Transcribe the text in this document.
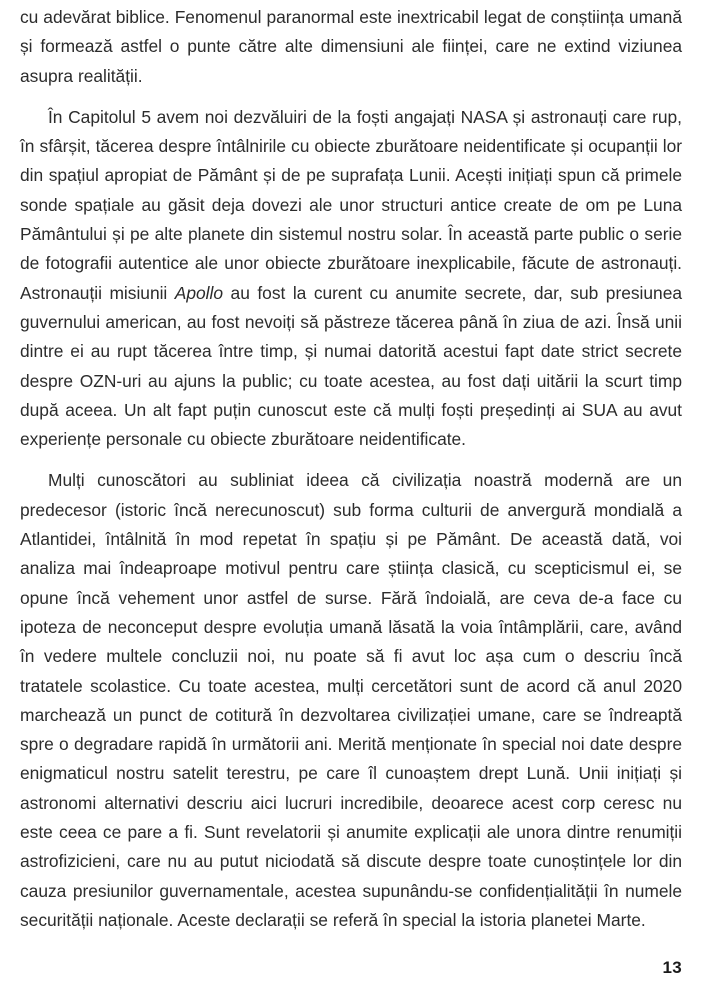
cu adevărat biblice. Fenomenul paranormal este inextricabil legat de conștiința umană și formează astfel o punte către alte dimensiuni ale ființei, care ne extind viziunea asupra realității.

În Capitolul 5 avem noi dezvăluiri de la foști angajați NASA și astronauți care rup, în sfârșit, tăcerea despre întâlnirile cu obiecte zburătoare neidentificate și ocupanții lor din spațiul apropiat de Pământ și de pe suprafața Lunii. Acești inițiați spun că primele sonde spațiale au găsit deja dovezi ale unor structuri antice create de om pe Luna Pământului și pe alte planete din sistemul nostru solar. În această parte public o serie de fotografii autentice ale unor obiecte zburătoare inexplicabile, făcute de astronauți. Astronauții misiunii Apollo au fost la curent cu anumite secrete, dar, sub presiunea guvernului american, au fost nevoiți să păstreze tăcerea până în ziua de azi. Însă unii dintre ei au rupt tăcerea între timp, și numai datorită acestui fapt date strict secrete despre OZN-uri au ajuns la public; cu toate acestea, au fost dați uitării la scurt timp după aceea. Un alt fapt puțin cunoscut este că mulți foști președinți ai SUA au avut experiențe personale cu obiecte zburătoare neidentificate.

Mulți cunoscători au subliniat ideea că civilizația noastră modernă are un predecesor (istoric încă nerecunoscut) sub forma culturii de anvergură mondială a Atlantidei, întâlnită în mod repetat în spațiu și pe Pământ. De această dată, voi analiza mai îndeaproape motivul pentru care știința clasică, cu scepticismul ei, se opune încă vehement unor astfel de surse. Fără îndoială, are ceva de-a face cu ipoteza de neconceput despre evoluția umană lăsată la voia întâmplării, care, având în vedere multele concluzii noi, nu poate să fi avut loc așa cum o descriu încă tratatele scolastice. Cu toate acestea, mulți cercetători sunt de acord că anul 2020 marchează un punct de cotitură în dezvoltarea civilizației umane, care se îndreaptă spre o degradare rapidă în următorii ani. Merită menționate în special noi date despre enigmaticul nostru satelit terestru, pe care îl cunoaștem drept Lună. Unii inițiați și astronomi alternativi descriu aici lucruri incredibile, deoarece acest corp ceresc nu este ceea ce pare a fi. Sunt revelatorii și anumite explicații ale unora dintre renumiții astrofizicieni, care nu au putut niciodată să discute despre toate cunoștințele lor din cauza presiunilor guvernamentale, acestea supunându-se confidențialității în numele securității naționale. Aceste declarații se referă în special la istoria planetei Marte.

13
